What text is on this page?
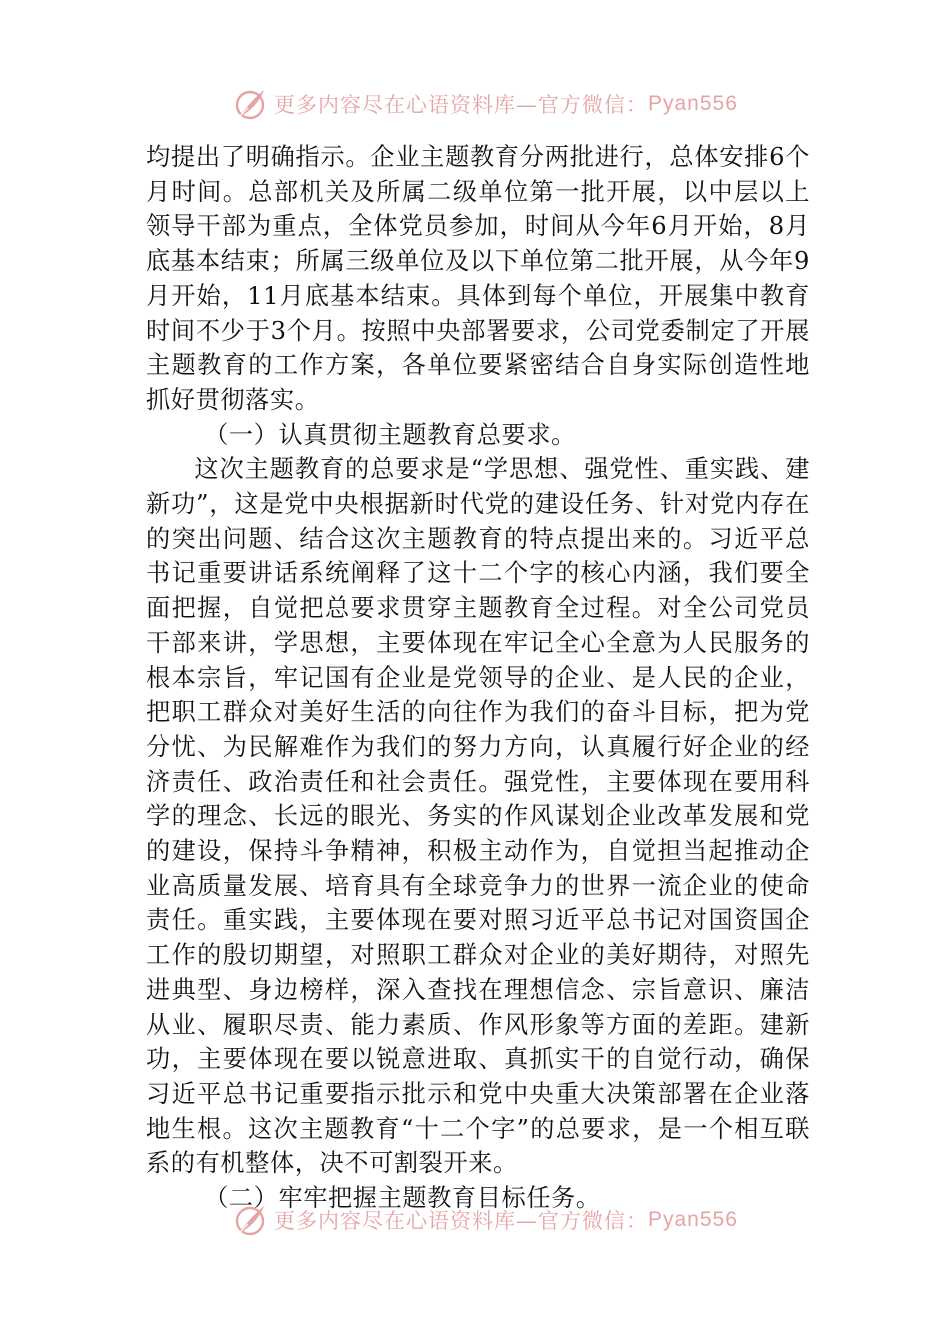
更多内容尽在心语资料库—官方微信： Pyan556

均提出了明确指示。企业主题教育分两批进行，总体安排6个月时间。总部机关及所属二级单位第一批开展，以中层以上领导干部为重点，全体党员参加，时间从今年6月开始，8月底基本结束；所属三级单位及以下单位第二批开展，从今年9月开始，11月底基本结束。具体到每个单位，开展集中教育时间不少于3个月。按照中央部署要求，公司党委制定了开展主题教育的工作方案，各单位要紧密结合自身实际创造性地抓好贯彻落实。

（一）认真贯彻主题教育总要求。

这次主题教育的总要求是“学思想、强党性、重实践、建新功”，这是党中央根据新时代党的建设任务、针对党内存在的突出问题、结合这次主题教育的特点提出来的。习近平总书记重要讲话系统阐释了这十二个字的核心内涵，我们要全面把握，自觉把总要求贯穿主题教育全过程。对全公司党员干部来讲，学思想，主要体现在牢记全心全意为人民服务的根本宗旨，牢记国有企业是党领导的企业、是人民的企业，把职工群众对美好生活的向往作为我们的奋斗目标，把为党分忧、为民解难作为我们的努力方向，认真履行好企业的经济责任、政治责任和社会责任。强党性，主要体现在要用科学的理念、长远的眼光、务实的作风谋划企业改革发展和党的建设，保持斗争精神，积极主动作为，自觉担当起推动企业高质量发展、培育具有全球竞争力的世界一流企业的使命责任。重实践，主要体现在要对照习近平总书记对国资国企工作的殷切期望，对照职工群众对企业的美好期待，对照先进典型、身边榜样，深入查找在理想信念、宗旨意识、廉洁从业、履职尽责、能力素质、作风形象等方面的差距。建新功，主要体现在要以锐意进取、真抓实干的自觉行动，确保习近平总书记重要指示批示和党中央重大决策部署在企业落地生根。这次主题教育“十二个字”的总要求，是一个相互联系的有机整体，决不可割裂开来。

（二）牢牢把握主题教育目标任务。

更多内容尽在心语资料库—官方微信： Pyan556
